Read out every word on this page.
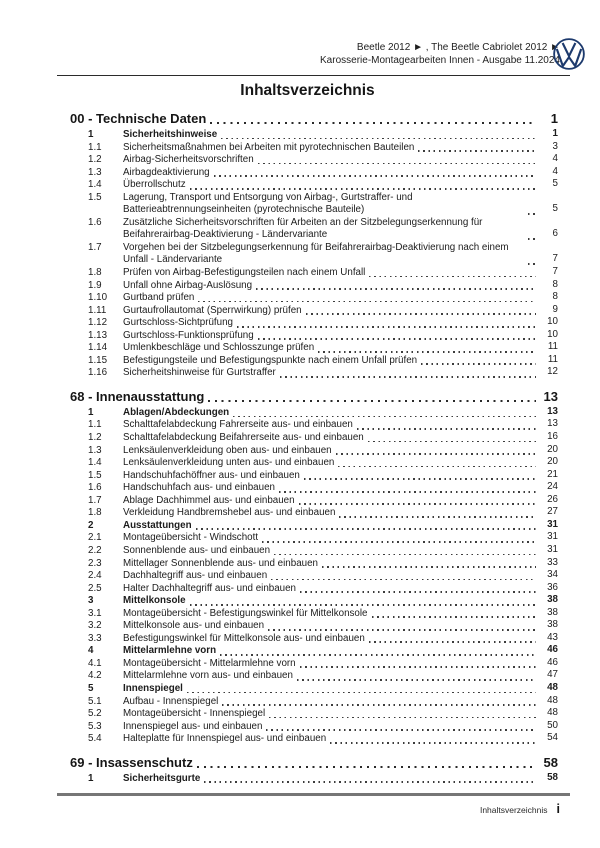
Beetle 2012 ► , The Beetle Cabriolet 2012 ►
Karosserie-Montagearbeiten Innen - Ausgabe 11.2024
Inhaltsverzeichnis
00 - Technische Daten	1
1	Sicherheitshinweise	1
1.1	Sicherheitsmaßnahmen bei Arbeiten mit pyrotechnischen Bauteilen	3
1.2	Airbag-Sicherheitsvorschriften	4
1.3	Airbagdeaktivierung	4
1.4	Überrollschutz	5
1.5	Lagerung, Transport und Entsorgung von Airbag-, Gurtstraffer- und Batterieabtrennungseinheiten (pyrotechnische Bauteile)	5
1.6	Zusätzliche Sicherheitsvorschriften für Arbeiten an der Sitzbelegungserkennung für Beifahrerairbag-Deaktivierung - Ländervariante	6
1.7	Vorgehen bei der Sitzbelegungserkennung für Beifahrerairbag-Deaktivierung nach einem Unfall - Ländervariante	7
1.8	Prüfen von Airbag-Befestigungsteilen nach einem Unfall	7
1.9	Unfall ohne Airbag-Auslösung	8
1.10	Gurtband prüfen	8
1.11	Gurtaufrollautomat (Sperrwirkung) prüfen	9
1.12	Gurtschloss-Sichtprüfung	10
1.13	Gurtschloss-Funktionsprüfung	10
1.14	Umlenkbeschläge und Schlosszunge prüfen	11
1.15	Befestigungsteile und Befestigungspunkte nach einem Unfall prüfen	11
1.16	Sicherheitshinweise für Gurtstraffer	12
68 - Innenausstattung	13
1	Ablagen/Abdeckungen	13
1.1	Schalttafelabdeckung Fahrerseite aus- und einbauen	13
1.2	Schalttafelabdeckung Beifahrerseite aus- und einbauen	16
1.3	Lenksäulenverkleidung oben aus- und einbauen	20
1.4	Lenksäulenverkleidung unten aus- und einbauen	20
1.5	Handschuhfachöffner aus- und einbauen	21
1.6	Handschuhfach aus- und einbauen	24
1.7	Ablage Dachhimmel aus- und einbauen	26
1.8	Verkleidung Handbremshebel aus- und einbauen	27
2	Ausstattungen	31
2.1	Montageübersicht - Windschott	31
2.2	Sonnenblende aus- und einbauen	31
2.3	Mittellager Sonnenblende aus- und einbauen	33
2.4	Dachhaltegriff aus- und einbauen	34
2.5	Halter Dachhaltegriff aus- und einbauen	36
3	Mittelkonsole	38
3.1	Montageübersicht - Befestigungswinkel für Mittelkonsole	38
3.2	Mittelkonsole aus- und einbauen	38
3.3	Befestigungswinkel für Mittelkonsole aus- und einbauen	43
4	Mittelarmlehne vorn	46
4.1	Montageübersicht - Mittelarmlehne vorn	46
4.2	Mittelarmlehne vorn aus- und einbauen	47
5	Innenspiegel	48
5.1	Aufbau - Innenspiegel	48
5.2	Montageübersicht - Innenspiegel	48
5.3	Innenspiegel aus- und einbauen	50
5.4	Halteplatte für Innenspiegel aus- und einbauen	54
69 - Insassenschutz	58
1	Sicherheitsgurte	58
Inhaltsverzeichnis i
